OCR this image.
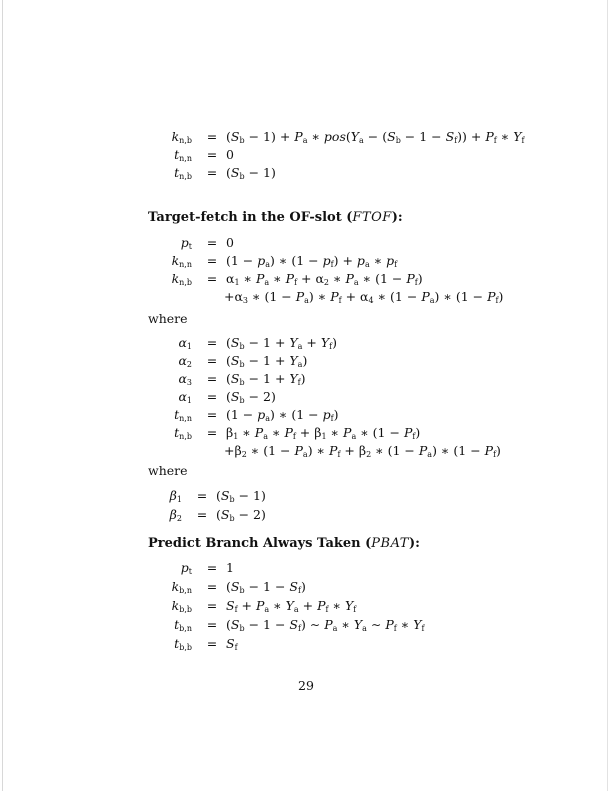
$k_{n,b} = (S_b - 1) + P_a$ ∗ $pos(Y_a - (S_b - 1 - S_f)) + P_f$ ∗ $Y_f$
$t_{n,n} = 0$
$t_{n,b} = (S_b - 1)$
Target-fetch in the OF-slot (FTOF):
$p_t = 0$
$k_{n,n} = (1 - p_a)$ ∗ $(1 - p_f) + p_a$ ∗ $p_f$
$k_{n,b} = \alpha_1$ ∗ $P_a$ ∗ $P_f + \alpha_2$ ∗ $P_a$ ∗ $(1 - P_f)$
$+\alpha_3$ ∗ $(1 - P_a)$ ∗ $P_f + \alpha_4$ ∗ $(1 - P_a)$ ∗ $(1 - P_f)$
where
$\alpha_1 = (S_b - 1 + Y_a + Y_f)$
$\alpha_2 = (S_b - 1 + Y_a)$
$\alpha_3 = (S_b - 1 + Y_f)$
$\alpha_1 = (S_b - 2)$
$t_{n,n} = (1 - p_a)$ ∗ $(1 - p_f)$
$t_{n,b} = \beta_1$ ∗ $P_a$ ∗ $P_f + \beta_1$ ∗ $P_a$ ∗ $(1 - P_f)$
$+\beta_2$ ∗ $(1 - P_a)$ ∗ $P_f + \beta_2$ ∗ $(1 - P_a)$ ∗ $(1 - P_f)$
where
$\beta_1 = (S_b - 1)$
$\beta_2 = (S_b - 2)$
Predict Branch Always Taken (PBAT):
$p_t = 1$
$k_{b,n} = (S_b - 1 - S_f)$
$k_{b,b} = S_f + P_a$ ∗ $Y_a + P_f$ ∗ $Y_f$
$t_{b,n} = (S_b - 1 - S_f)$ ∼ $P_a$ ∗ $Y_a$ ∼ $P_f$ ∗ $Y_f$
$t_{b,b} = S_f$
29
